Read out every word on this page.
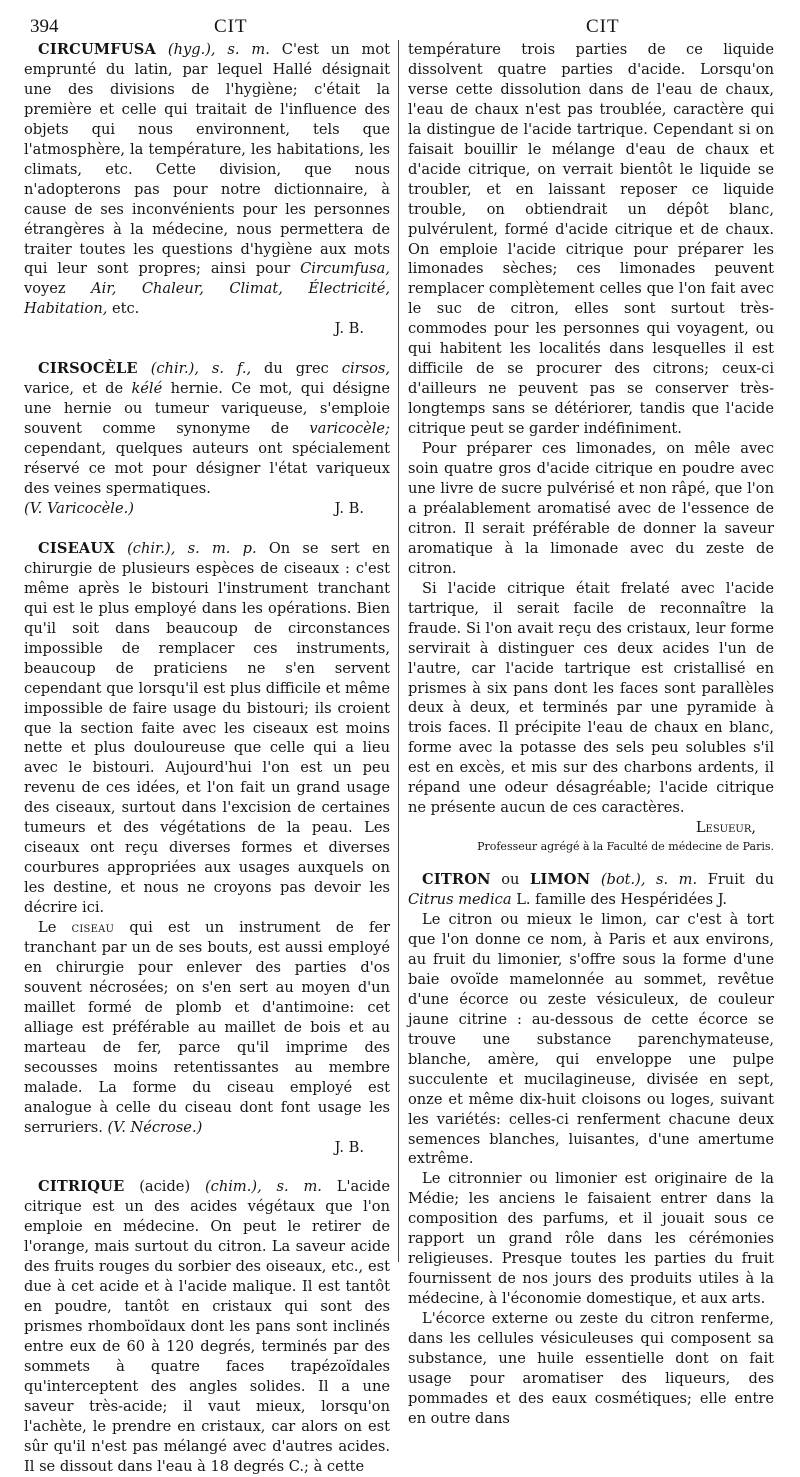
394	CIT	CIT

CIRCUMFUSA (hyg.), s. m. C'est un mot emprunté du latin, par lequel Hallé désignait une des divisions de l'hygiène; c'était la première et celle qui traitait de l'influence des objets qui nous environnent, tels que l'atmosphère, la température, les habitations, les climats, etc. Cette division, que nous n'adopterons pas pour notre dictionnaire, à cause de ses inconvénients pour les personnes étrangères à la médecine, nous permettera de traiter toutes les questions d'hygiène aux mots qui leur sont propres; ainsi pour Circumfusa, voyez Air, Chaleur, Climat, Électricité, Habitation, etc.

J. B.

CIRSOCÈLE (chir.), s. f., du grec cirsos, varice, et de kélé hernie. Ce mot, qui désigne une hernie ou tumeur variqueuse, s'emploie souvent comme synonyme de varicocèle; cependant, quelques auteurs ont spécialement réservé ce mot pour désigner l'état variqueux des veines spermatiques.

(V. Varicocèle.)	J. B.

CISEAUX (chir.), s. m. p. On se sert en chirurgie de plusieurs espèces de ciseaux : c'est même après le bistouri l'instrument tranchant qui est le plus employé dans les opérations. Bien qu'il soit dans beaucoup de circonstances impossible de remplacer ces instruments, beaucoup de praticiens ne s'en servent cependant que lorsqu'il est plus difficile et même impossible de faire usage du bistouri; ils croient que la section faite avec les ciseaux est moins nette et plus douloureuse que celle qui a lieu avec le bistouri. Aujourd'hui l'on est un peu revenu de ces idées, et l'on fait un grand usage des ciseaux, surtout dans l'excision de certaines tumeurs et des végétations de la peau. Les ciseaux ont reçu diverses formes et diverses courbures appropriées aux usages auxquels on les destine, et nous ne croyons pas devoir les décrire ici.

Le ciseau qui est un instrument de fer tranchant par un de ses bouts, est aussi employé en chirurgie pour enlever des parties d'os souvent nécrosées; on s'en sert au moyen d'un maillet formé de plomb et d'antimoine: cet alliage est préférable au maillet de bois et au marteau de fer, parce qu'il imprime des secousses moins retentissantes au membre malade. La forme du ciseau employé est analogue à celle du ciseau dont font usage les serruriers. (V. Nécrose.)

J. B.

CITRIQUE (acide) (chim.), s. m. L'acide citrique est un des acides végétaux que l'on emploie en médecine. On peut le retirer de l'orange, mais surtout du citron. La saveur acide des fruits rouges du sorbier des oiseaux, etc., est due à cet acide et à l'acide malique. Il est tantôt en poudre, tantôt en cristaux qui sont des prismes rhomboïdaux dont les pans sont inclinés entre eux de 60 à 120 degrés, terminés par des sommets à quatre faces trapézoïdales qu'interceptent des angles solides. Il a une saveur très-acide; il vaut mieux, lorsqu'on l'achète, le prendre en cristaux, car alors on est sûr qu'il n'est pas mélangé avec d'autres acides. Il se dissout dans l'eau à 18 degrés C.; à cette

température trois parties de ce liquide dissolvent quatre parties d'acide. Lorsqu'on verse cette dissolution dans de l'eau de chaux, l'eau de chaux n'est pas troublée, caractère qui la distingue de l'acide tartrique. Cependant si on faisait bouillir le mélange d'eau de chaux et d'acide citrique, on verrait bientôt le liquide se troubler, et en laissant reposer ce liquide trouble, on obtiendrait un dépôt blanc, pulvérulent, formé d'acide citrique et de chaux. On emploie l'acide citrique pour préparer les limonades sèches; ces limonades peuvent remplacer complètement celles que l'on fait avec le suc de citron, elles sont surtout très-commodes pour les personnes qui voyagent, ou qui habitent les localités dans lesquelles il est difficile de se procurer des citrons; ceux-ci d'ailleurs ne peuvent pas se conserver très-longtemps sans se détériorer, tandis que l'acide citrique peut se garder indéfiniment.

Pour préparer ces limonades, on mêle avec soin quatre gros d'acide citrique en poudre avec une livre de sucre pulvérisé et non râpé, que l'on a préalablement aromatisé avec de l'essence de citron. Il serait préférable de donner la saveur aromatique à la limonade avec du zeste de citron.

Si l'acide citrique était frelaté avec l'acide tartrique, il serait facile de reconnaître la fraude. Si l'on avait reçu des cristaux, leur forme servirait à distinguer ces deux acides l'un de l'autre, car l'acide tartrique est cristallisé en prismes à six pans dont les faces sont parallèles deux à deux, et terminés par une pyramide à trois faces. Il précipite l'eau de chaux en blanc, forme avec la potasse des sels peu solubles s'il est en excès, et mis sur des charbons ardents, il répand une odeur désagréable; l'acide citrique ne présente aucun de ces caractères.

Lesueur,

Professeur agrégé à la Faculté de médecine de Paris.

CITRON ou LIMON (bot.), s. m. Fruit du Citrus medica L. famille des Hespéridées J.

Le citron ou mieux le limon, car c'est à tort que l'on donne ce nom, à Paris et aux environs, au fruit du limonier, s'offre sous la forme d'une baie ovoïde mamelonnée au sommet, revêtue d'une écorce ou zeste vésiculeux, de couleur jaune citrine : au-dessous de cette écorce se trouve une substance parenchymateuse, blanche, amère, qui enveloppe une pulpe succulente et mucilagineuse, divisée en sept, onze et même dix-huit cloisons ou loges, suivant les variétés: celles-ci renferment chacune deux semences blanches, luisantes, d'une amertume extrême.

Le citronnier ou limonier est originaire de la Médie; les anciens le faisaient entrer dans la composition des parfums, et il jouait sous ce rapport un grand rôle dans les cérémonies religieuses. Presque toutes les parties du fruit fournissent de nos jours des produits utiles à la médecine, à l'économie domestique, et aux arts.

L'écorce externe ou zeste du citron renferme, dans les cellules vésiculeuses qui composent sa substance, une huile essentielle dont on fait usage pour aromatiser des liqueurs, des pommades et des eaux cosmétiques; elle entre en outre dans
